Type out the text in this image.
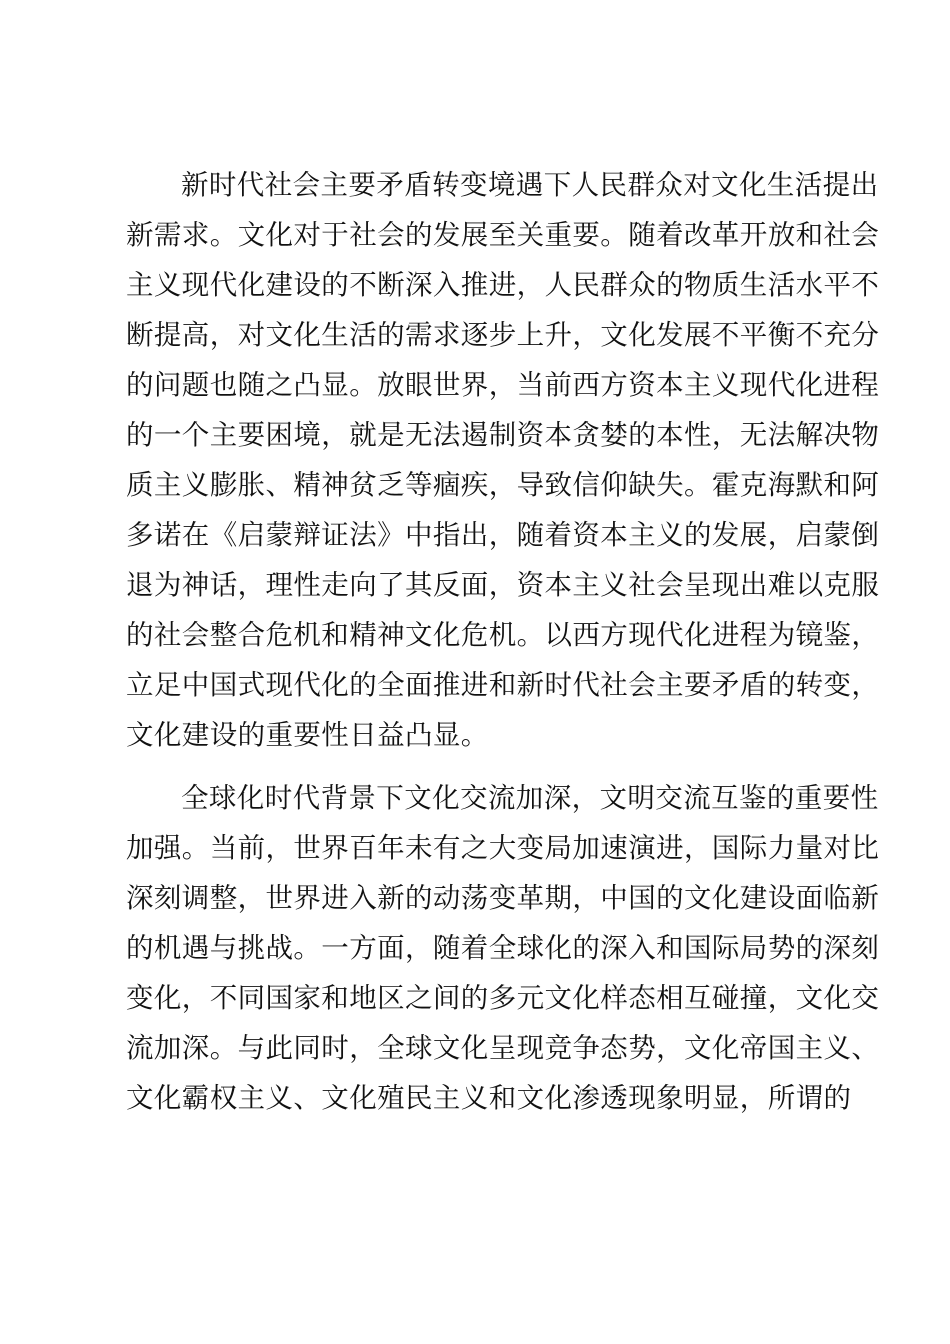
新时代社会主要矛盾转变境遇下人民群众对文化生活提出
新需求。文化对于社会的发展至关重要。随着改革开放和社会
主义现代化建设的不断深入推进，人民群众的物质生活水平不
断提高，对文化生活的需求逐步上升，文化发展不平衡不充分
的问题也随之凸显。放眼世界，当前西方资本主义现代化进程
的一个主要困境，就是无法遏制资本贪婪的本性，无法解决物
质主义膨胀、精神贫乏等痼疾，导致信仰缺失。霍克海默和阿
多诺在《启蒙辩证法》中指出，随着资本主义的发展，启蒙倒
退为神话，理性走向了其反面，资本主义社会呈现出难以克服
的社会整合危机和精神文化危机。以西方现代化进程为镜鉴，
立足中国式现代化的全面推进和新时代社会主要矛盾的转变，
文化建设的重要性日益凸显。
全球化时代背景下文化交流加深，文明交流互鉴的重要性
加强。当前，世界百年未有之大变局加速演进，国际力量对比
深刻调整，世界进入新的动荡变革期，中国的文化建设面临新
的机遇与挑战。一方面，随着全球化的深入和国际局势的深刻
变化，不同国家和地区之间的多元文化样态相互碰撞，文化交
流加深。与此同时，全球文化呈现竞争态势，文化帝国主义、
文化霸权主义、文化殖民主义和文化渗透现象明显，所谓的
